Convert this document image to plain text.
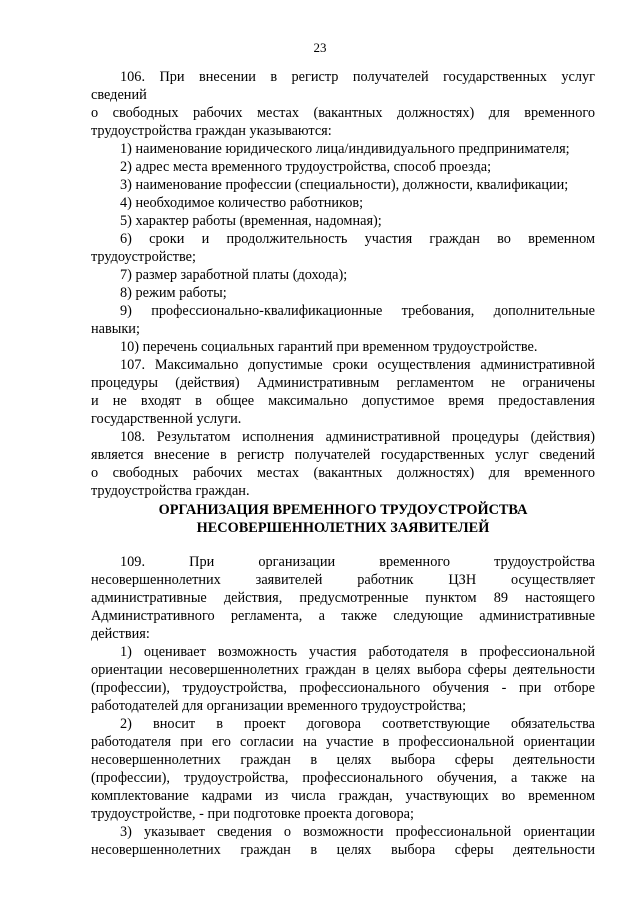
23
106. При внесении в регистр получателей государственных услуг
сведений
о свободных рабочих местах (вакантных должностях) для временного
трудоустройства граждан указываются:
1) наименование юридического лица/индивидуального предпринимателя;
2) адрес места временного трудоустройства, способ проезда;
3) наименование профессии (специальности), должности, квалификации;
4) необходимое количество работников;
5) характер работы (временная, надомная);
6) сроки и продолжительность участия граждан во временном
трудоустройстве;
7) размер заработной платы (дохода);
8) режим работы;
9) профессионально-квалификационные требования, дополнительные
навыки;
10) перечень социальных гарантий при временном трудоустройстве.
107. Максимально допустимые сроки осуществления административной
процедуры (действия) Административным регламентом не ограничены
и не входят в общее максимально допустимое время предоставления
государственной услуги.
108. Результатом исполнения административной процедуры (действия)
является внесение в регистр получателей государственных услуг сведений
о свободных рабочих местах (вакантных должностях) для временного
трудоустройства граждан.
ОРГАНИЗАЦИЯ ВРЕМЕННОГО ТРУДОУСТРОЙСТВА
НЕСОВЕРШЕННОЛЕТНИХ ЗАЯВИТЕЛЕЙ
109. При организации временного трудоустройства
несовершеннолетних заявителей работник ЦЗН осуществляет
административные действия, предусмотренные пунктом 89 настоящего
Административного регламента, а также следующие административные
действия:
1) оценивает возможность участия работодателя в профессиональной
ориентации несовершеннолетних граждан в целях выбора сферы деятельности
(профессии), трудоустройства, профессионального обучения - при отборе
работодателей для организации временного трудоустройства;
2) вносит в проект договора соответствующие обязательства
работодателя при его согласии на участие в профессиональной ориентации
несовершеннолетних граждан в целях выбора сферы деятельности
(профессии), трудоустройства, профессионального обучения, а также на
комплектование кадрами из числа граждан, участвующих во временном
трудоустройстве, - при подготовке проекта договора;
3) указывает сведения о возможности профессиональной ориентации
несовершеннолетних граждан в целях выбора сферы деятельности
